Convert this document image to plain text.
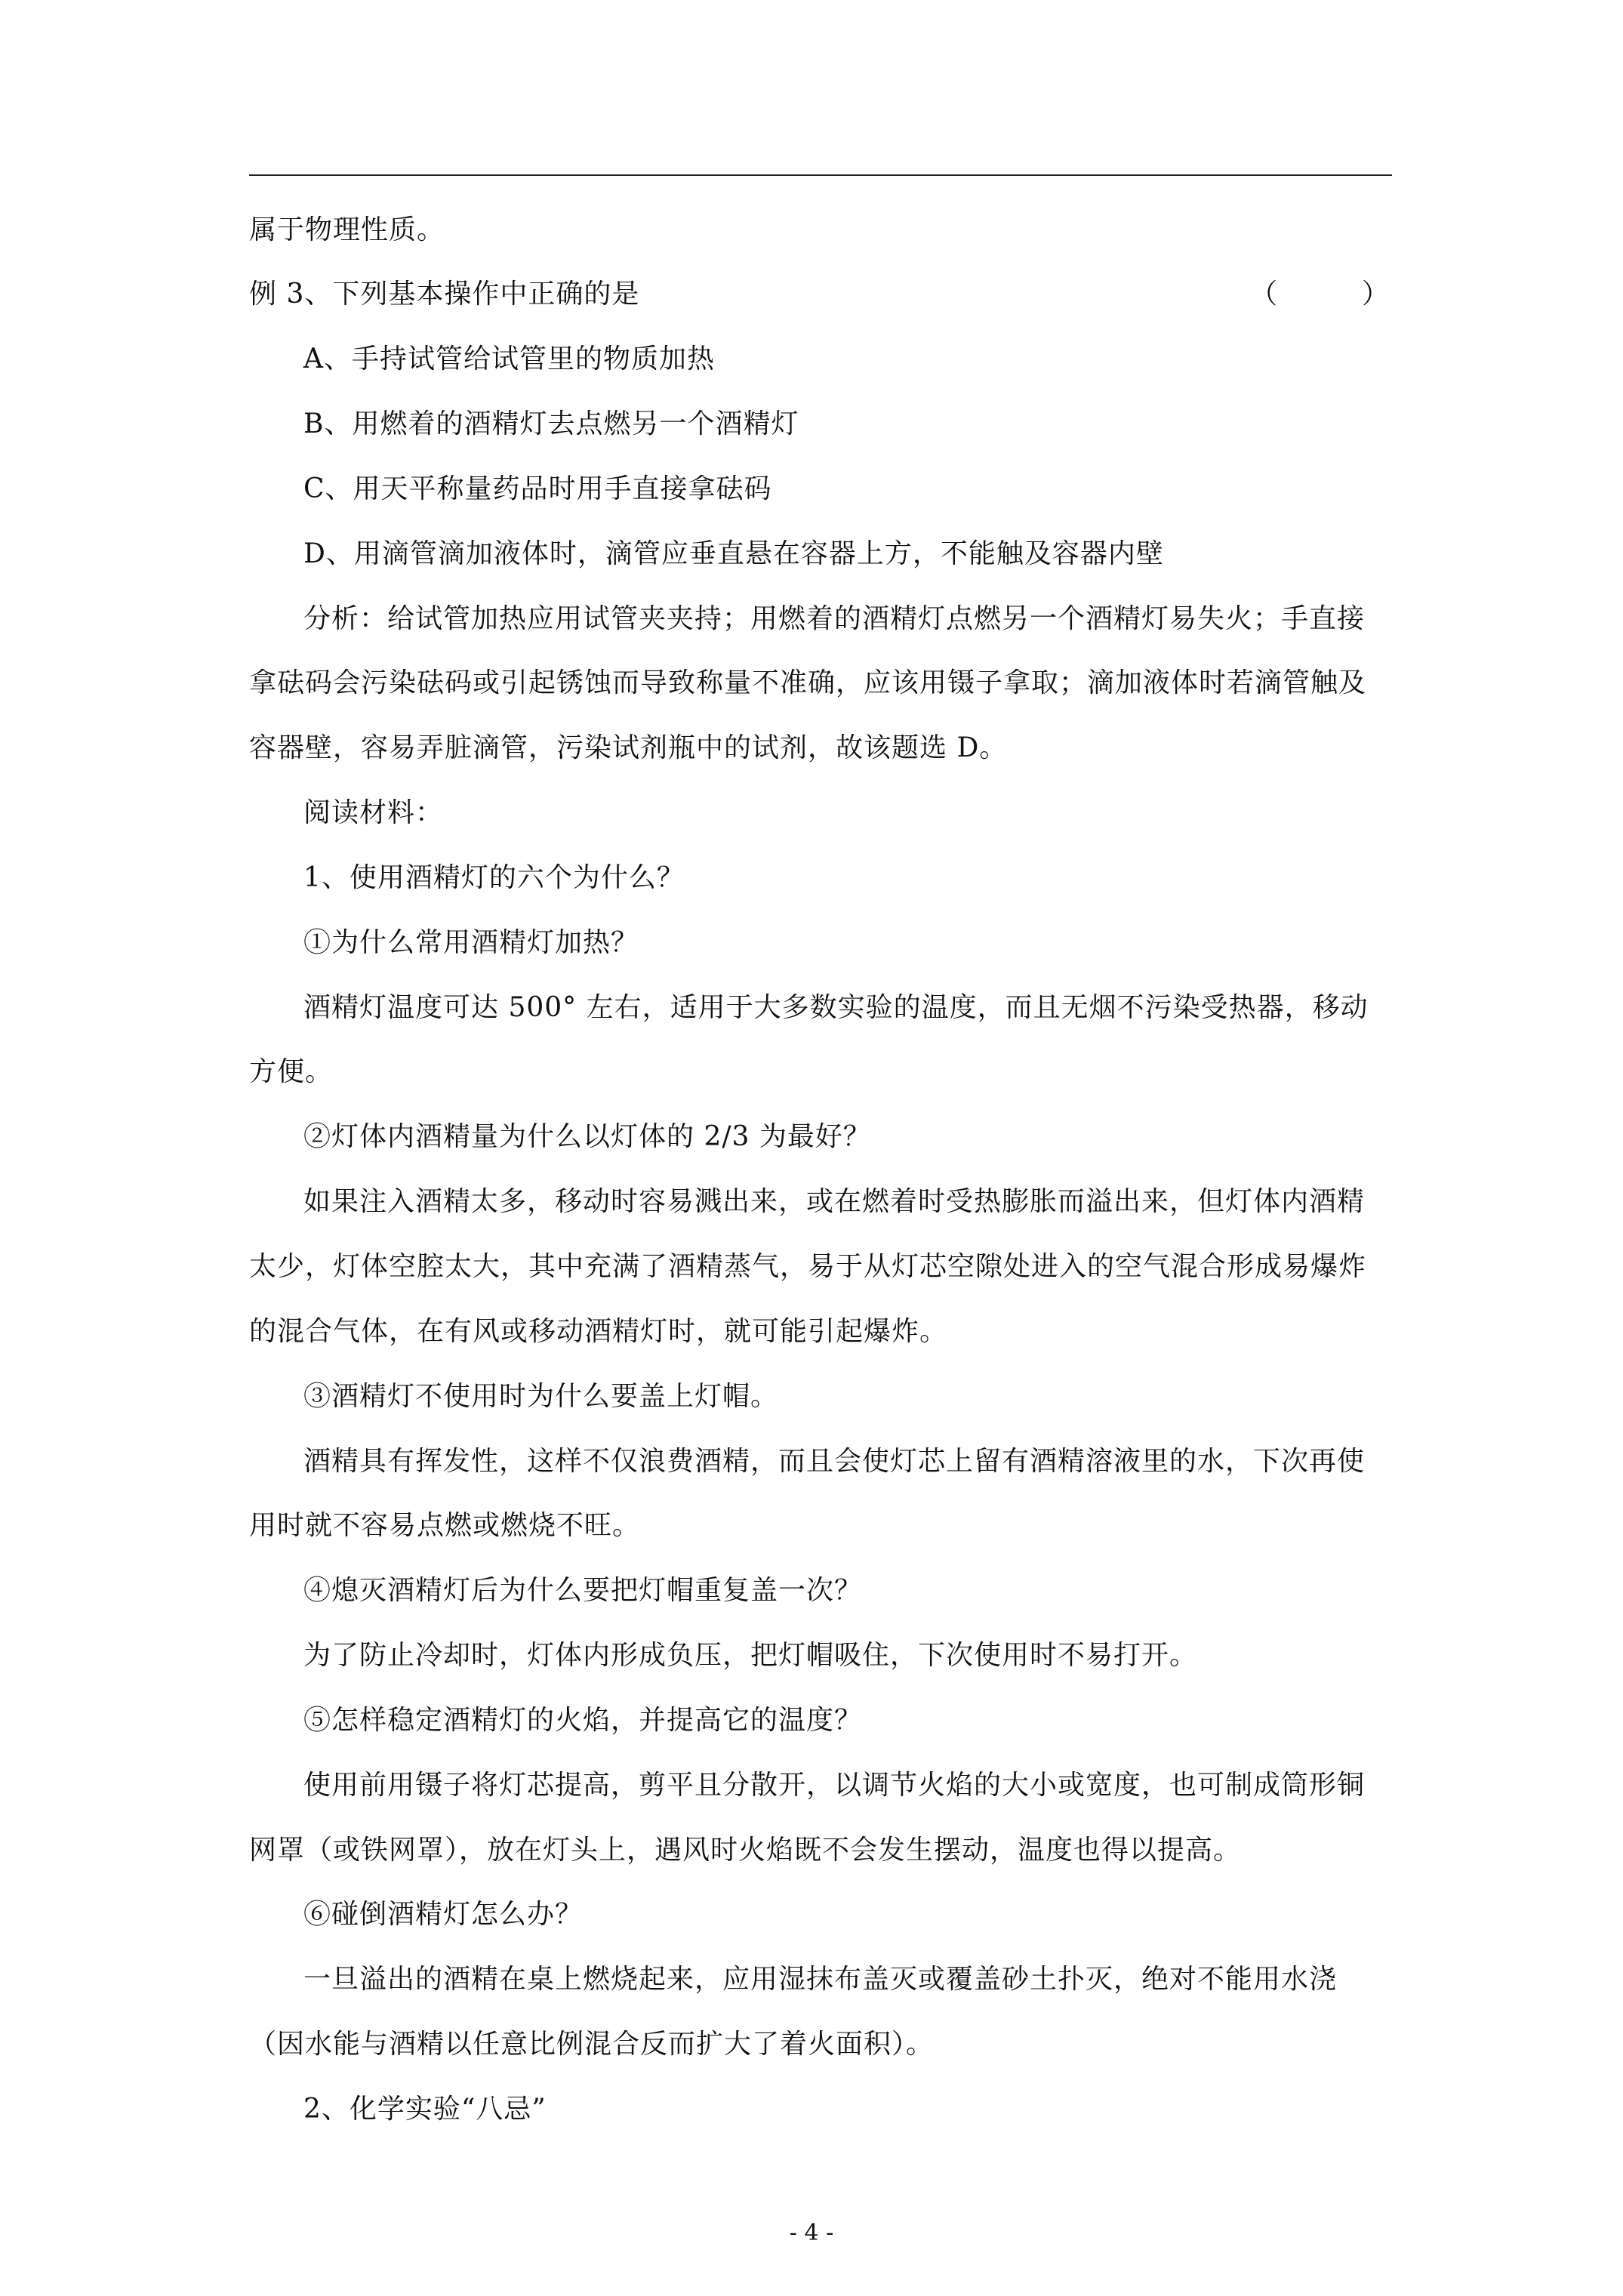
属于物理性质。
例 3、下列基本操作中正确的是	（　　　）
A、手持试管给试管里的物质加热
B、用燃着的酒精灯去点燃另一个酒精灯
C、用天平称量药品时用手直接拿砝码
D、用滴管滴加液体时，滴管应垂直悬在容器上方，不能触及容器内壁
分析：给试管加热应用试管夹夹持；用燃着的酒精灯点燃另一个酒精灯易失火；手直接
拿砝码会污染砝码或引起锈蚀而导致称量不准确，应该用镊子拿取；滴加液体时若滴管触及
容器壁，容易弄脏滴管，污染试剂瓶中的试剂，故该题选 D。
阅读材料：
1、使用酒精灯的六个为什么？
①为什么常用酒精灯加热？
酒精灯温度可达 500° 左右，适用于大多数实验的温度，而且无烟不污染受热器，移动
方便。
②灯体内酒精量为什么以灯体的 2/3 为最好？
如果注入酒精太多，移动时容易溅出来，或在燃着时受热膨胀而溢出来，但灯体内酒精
太少，灯体空腔太大，其中充满了酒精蒸气，易于从灯芯空隙处进入的空气混合形成易爆炸
的混合气体，在有风或移动酒精灯时，就可能引起爆炸。
③酒精灯不使用时为什么要盖上灯帽。
酒精具有挥发性，这样不仅浪费酒精，而且会使灯芯上留有酒精溶液里的水，下次再使
用时就不容易点燃或燃烧不旺。
④熄灭酒精灯后为什么要把灯帽重复盖一次？
为了防止冷却时，灯体内形成负压，把灯帽吸住，下次使用时不易打开。
⑤怎样稳定酒精灯的火焰，并提高它的温度？
使用前用镊子将灯芯提高，剪平且分散开，以调节火焰的大小或宽度，也可制成筒形铜
网罩（或铁网罩），放在灯头上，遇风时火焰既不会发生摆动，温度也得以提高。
⑥碰倒酒精灯怎么办？
一旦溢出的酒精在桌上燃烧起来，应用湿抹布盖灭或覆盖砂土扑灭，绝对不能用水浇
（因水能与酒精以任意比例混合反而扩大了着火面积）。
2、化学实验“八忌”
- 4 -
